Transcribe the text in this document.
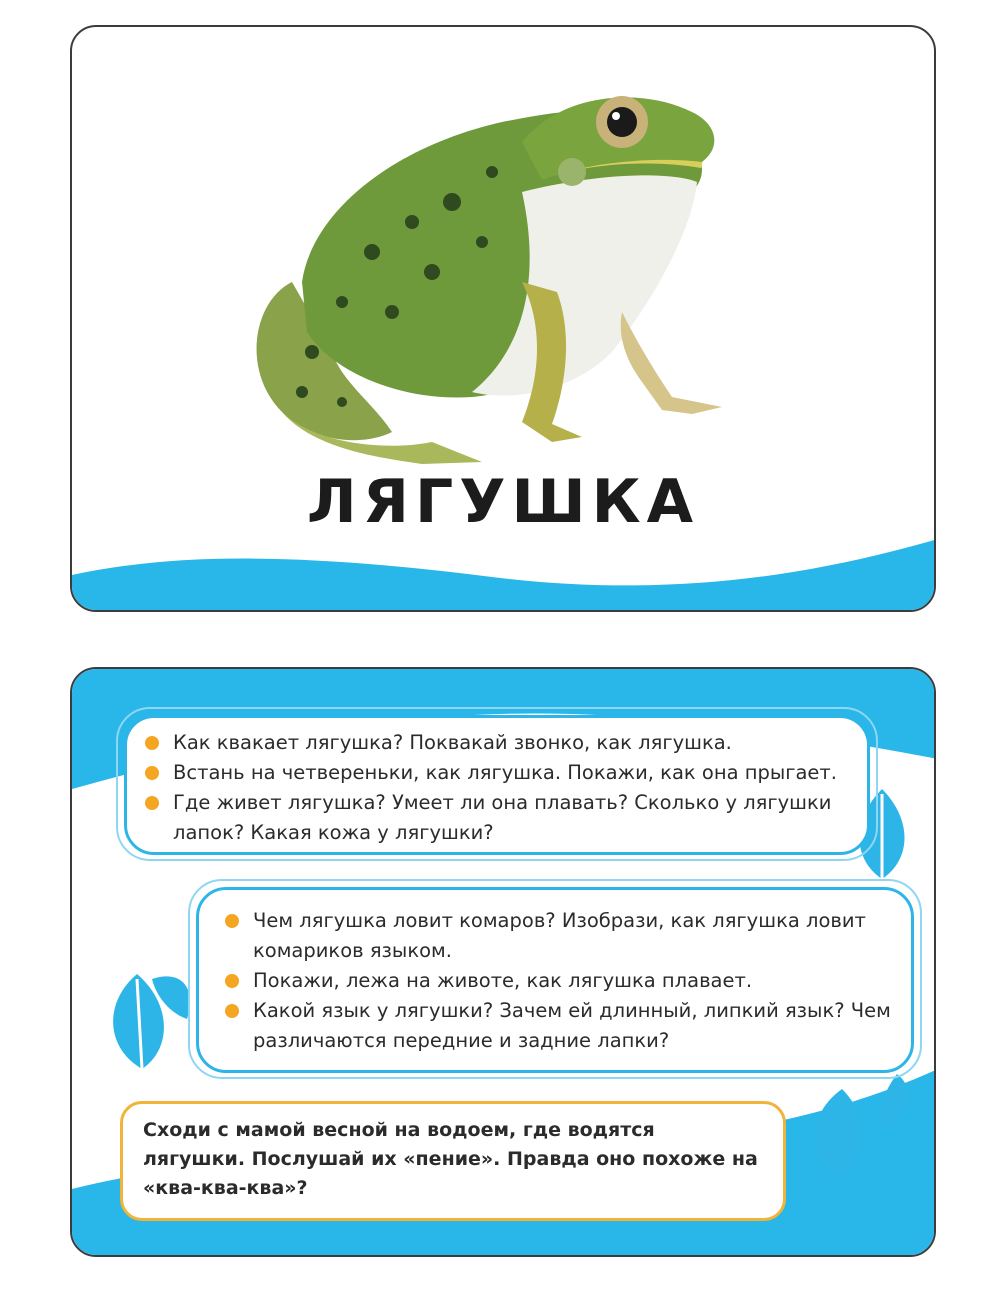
ЛЯГУШКА
Как квакает лягушка? Поквакай звонко, как лягушка.
Встань на четвереньки, как лягушка. Покажи, как она прыгает.
Где живет лягушка? Умеет ли она плавать? Сколько у лягушки лапок? Какая кожа у лягушки?
Чем лягушка ловит комаров? Изобрази, как лягушка ловит комариков языком.
Покажи, лежа на животе, как лягушка плавает.
Какой язык у лягушки? Зачем ей длинный, липкий язык? Чем различаются передние и задние лапки?
Сходи с мамой весной на водоем, где водятся лягушки. Послушай их «пение». Правда оно похоже на «ква-ква-ква»?
